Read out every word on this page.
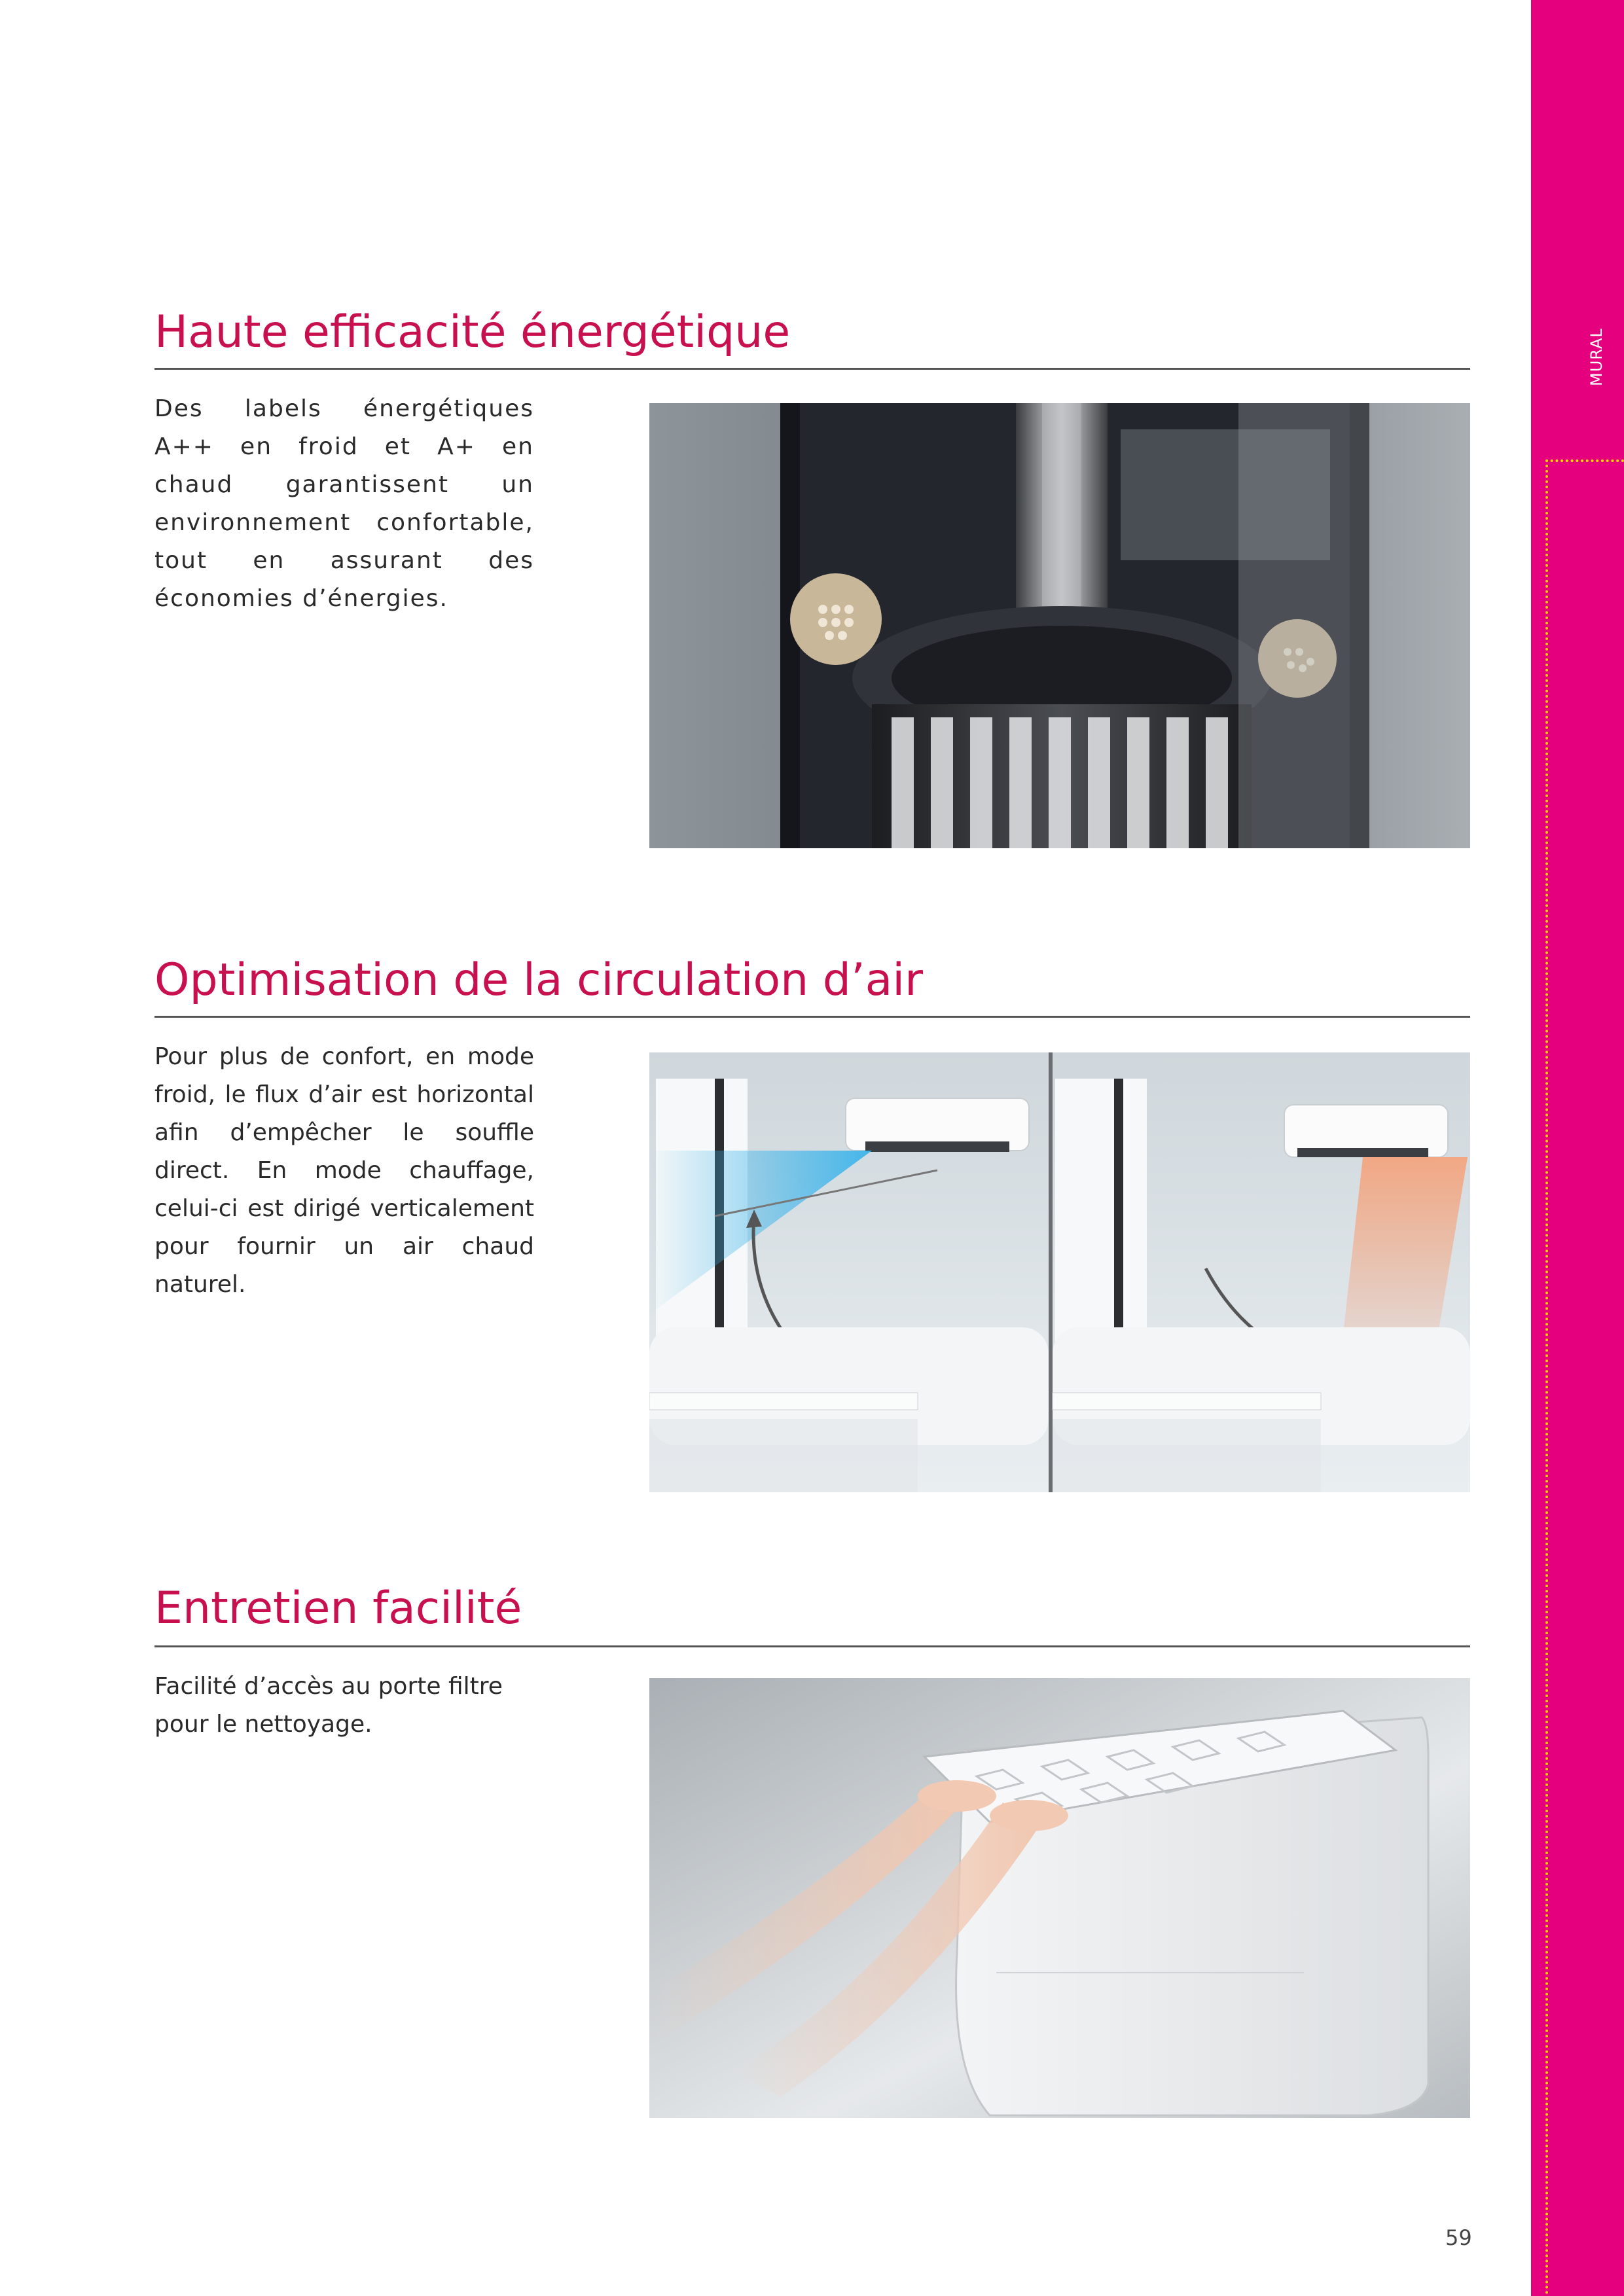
MURAL
Haute efficacité énergétique

Des labels énergétiques A++ en froid et A+ en chaud garantissent un environnement confortable, tout en assurant des économies d’énergies.

Optimisation de la circulation d’air

Pour plus de confort, en mode froid, le flux d’air est horizontal afin d’empêcher le souffle direct. En mode chauffage, celui-ci est dirigé verticalement pour fournir un air chaud naturel.

Entretien facilité

Facilité d’accès au porte filtre pour le nettoyage.

59
